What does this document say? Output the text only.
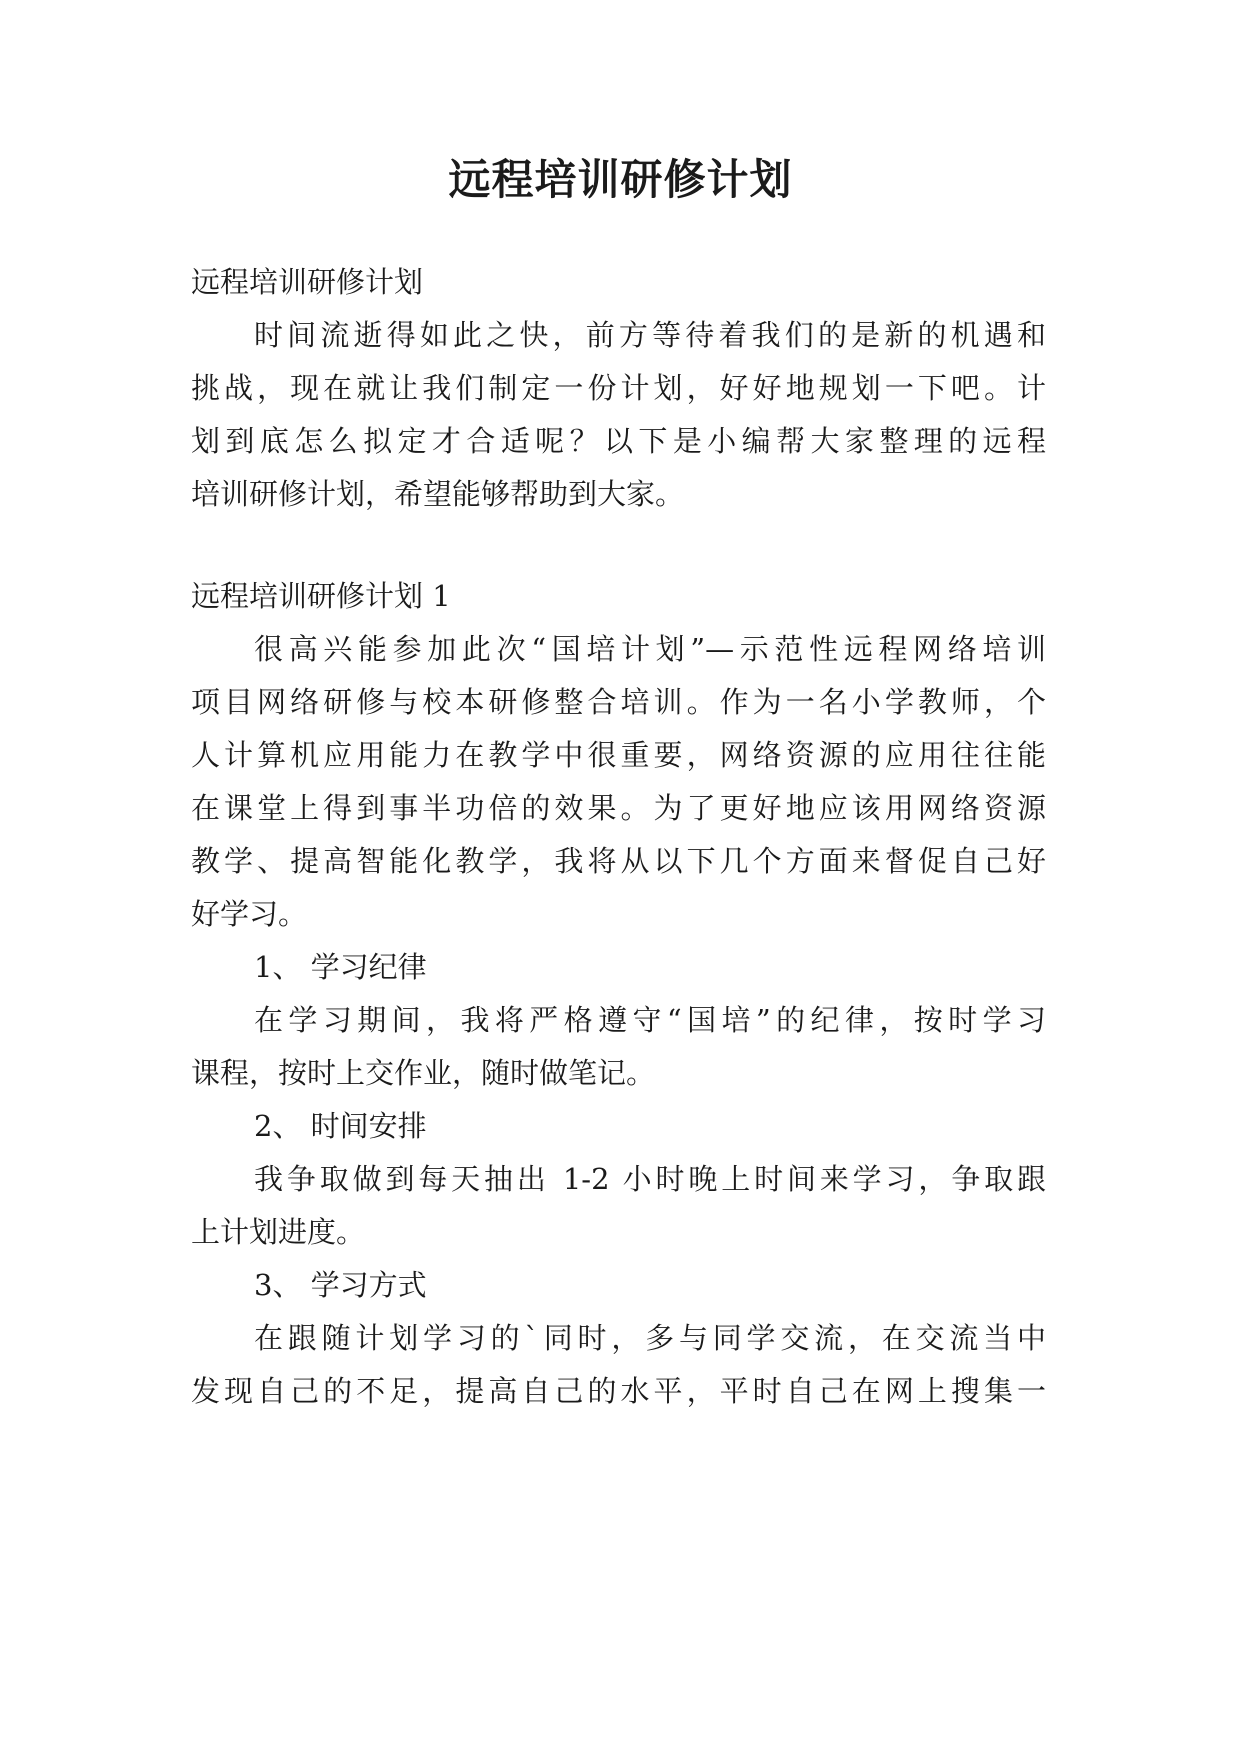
远程培训研修计划

远程培训研修计划

时间流逝得如此之快，前方等待着我们的是新的机遇和

挑战，现在就让我们制定一份计划，好好地规划一下吧。计

划到底怎么拟定才合适呢？以下是小编帮大家整理的远程

培训研修计划，希望能够帮助到大家。

远程培训研修计划 1

很高兴能参加此次“国培计划”—示范性远程网络培训

项目网络研修与校本研修整合培训。作为一名小学教师，个

人计算机应用能力在教学中很重要，网络资源的应用往往能

在课堂上得到事半功倍的效果。为了更好地应该用网络资源

教学、提高智能化教学，我将从以下几个方面来督促自己好

好学习。

1、 学习纪律

在学习期间，我将严格遵守“国培”的纪律，按时学习

课程，按时上交作业，随时做笔记。

2、 时间安排

我争取做到每天抽出 1-2 小时晚上时间来学习，争取跟

上计划进度。

3、 学习方式

在跟随计划学习的`同时，多与同学交流，在交流当中

发现自己的不足，提高自己的水平，平时自己在网上搜集一
